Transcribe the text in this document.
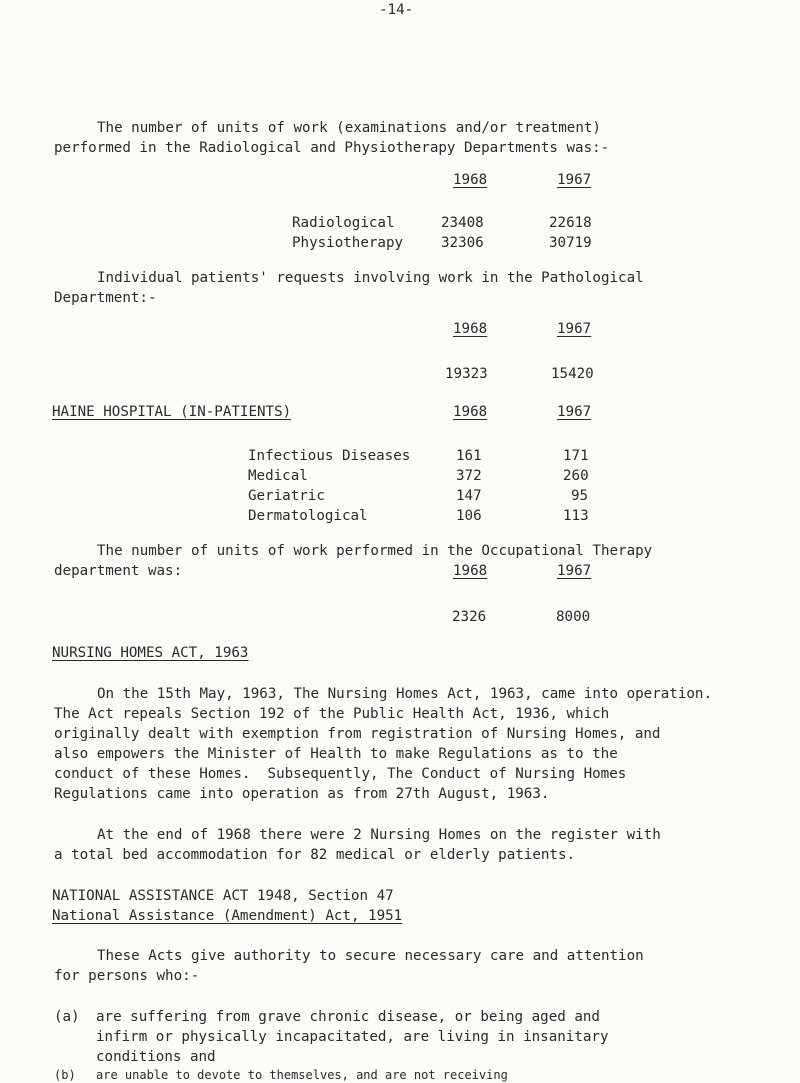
-14-
The number of units of work (examinations and/or treatment)
performed in the Radiological and Physiotherapy Departments was:-
1968	1967
Radiological	23408	22618
Physiotherapy	32306	30719
Individual patients' requests involving work in the Pathological
Department:-
1968	1967
19323	15420
HAINE HOSPITAL (IN-PATIENTS)	1968	1967
Infectious Diseases	161	171
Medical	372	260
Geriatric	147	95
Dermatological	106	113
The number of units of work performed in the Occupational Therapy
department was:	1968	1967
2326	8000
NURSING HOMES ACT, 1963
On the 15th May, 1963, The Nursing Homes Act, 1963, came into operation.
The Act repeals Section 192 of the Public Health Act, 1936, which
originally dealt with exemption from registration of Nursing Homes, and
also empowers the Minister of Health to make Regulations as to the
conduct of these Homes.  Subsequently, The Conduct of Nursing Homes
Regulations came into operation as from 27th August, 1963.
At the end of 1968 there were 2 Nursing Homes on the register with
a total bed accommodation for 82 medical or elderly patients.
NATIONAL ASSISTANCE ACT 1948, Section 47
National Assistance (Amendment) Act, 1951
These Acts give authority to secure necessary care and attention
for persons who:-
(a) are suffering from grave chronic disease, or being aged and
infirm or physically incapacitated, are living in insanitary
conditions and
(b) are unable to devote to themselves, and are not receiving
